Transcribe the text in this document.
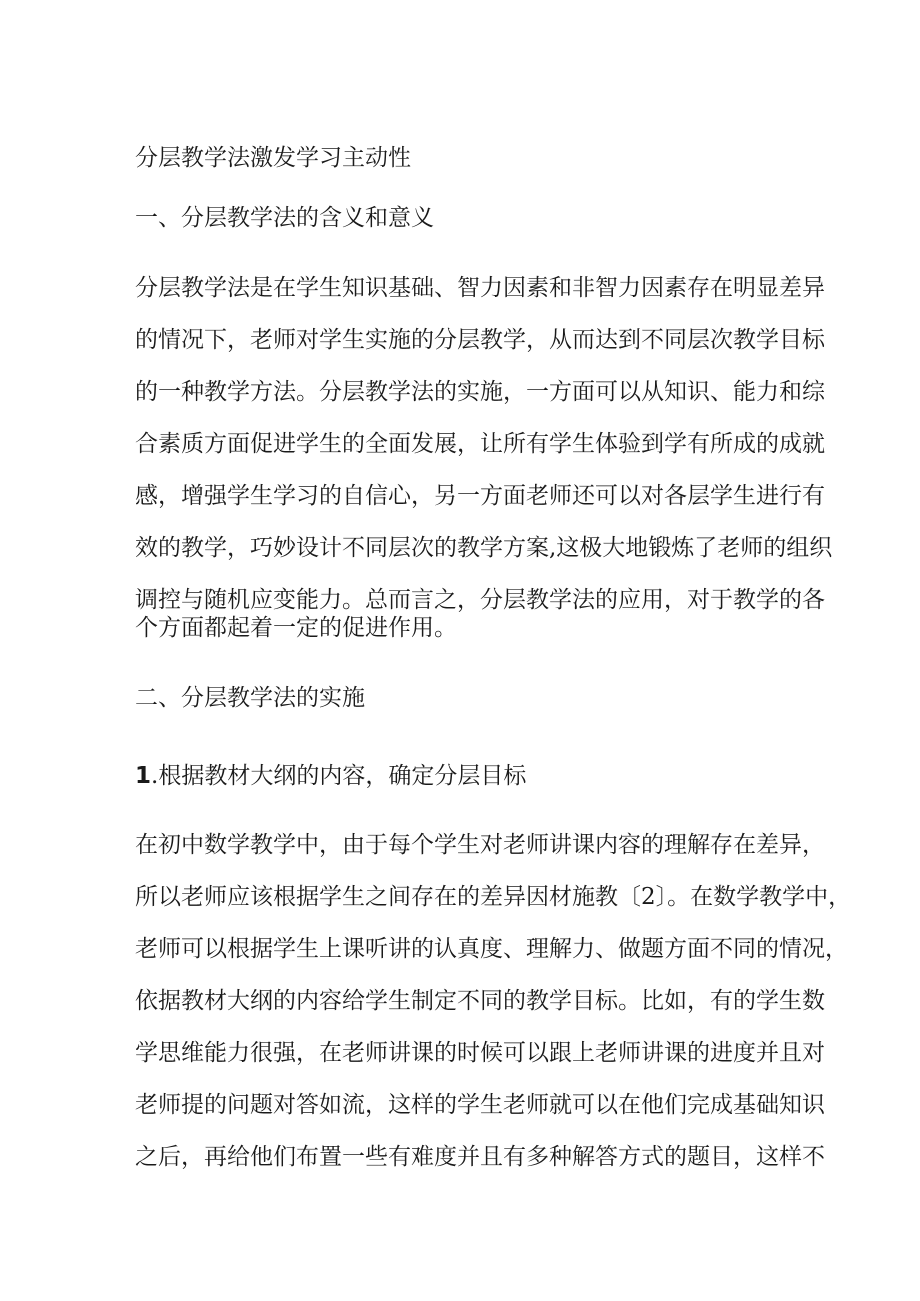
分层教学法激发学习主动性
一、分层教学法的含义和意义
分层教学法是在学生知识基础、智力因素和非智力因素存在明显差异
的情况下，老师对学生实施的分层教学，从而达到不同层次教学目标
的一种教学方法。分层教学法的实施，一方面可以从知识、能力和综
合素质方面促进学生的全面发展，让所有学生体验到学有所成的成就
感，增强学生学习的自信心，另一方面老师还可以对各层学生进行有
效的教学，巧妙设计不同层次的教学方案,这极大地锻炼了老师的组织
调控与随机应变能力。总而言之，分层教学法的应用，对于教学的各
个方面都起着一定的促进作用。
二、分层教学法的实施
1.根据教材大纲的内容，确定分层目标
在初中数学教学中，由于每个学生对老师讲课内容的理解存在差异，
所以老师应该根据学生之间存在的差异因材施教〔2〕。在数学教学中，
老师可以根据学生上课听讲的认真度、理解力、做题方面不同的情况，
依据教材大纲的内容给学生制定不同的教学目标。比如，有的学生数
学思维能力很强，在老师讲课的时候可以跟上老师讲课的进度并且对
老师提的问题对答如流，这样的学生老师就可以在他们完成基础知识
之后，再给他们布置一些有难度并且有多种解答方式的题目，这样不
